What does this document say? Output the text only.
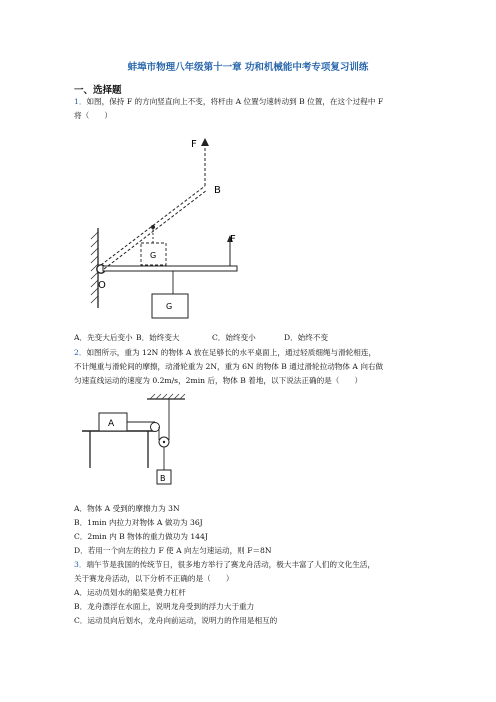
蚌埠市物理八年级第十一章 功和机械能中考专项复习训练
一、选择题
1．如图，保持 F 的方向竖直向上不变，将杆由 A 位置匀速转动到 B 位置，在这个过程中 F
将（　　）
F
B
F
G
O
G
A．先变大后变小 B．始终变大	C．始终变小	D．始终不变
2．如图所示，重为 12N 的物体 A 放在足够长的水平桌面上，通过轻质细绳与滑轮相连，
不计绳重与滑轮间的摩擦，动滑轮重为 2N，重为 6N 的物体 B 通过滑轮拉动物体 A 向右做
匀速直线运动的速度为 0.2m/s，2min 后，物体 B 着地，以下说法正确的是（　　）
A
B
A．物体 A 受到的摩擦力为 3N
B．1min 内拉力对物体 A 做功为 36J
C．2min 内 B 物体的重力做功为 144J
D．若用一个向左的拉力 F 使 A 向左匀速运动，则 F＝8N
3．端午节是我国的传统节日，很多地方举行了赛龙舟活动，极大丰富了人们的文化生活，
关于赛龙舟活动，以下分析不正确的是（　　）
A．运动员划水的船桨是费力杠杆
B．龙舟漂浮在水面上，说明龙舟受到的浮力大于重力
C．运动员向后划水，龙舟向前运动，说明力的作用是相互的
